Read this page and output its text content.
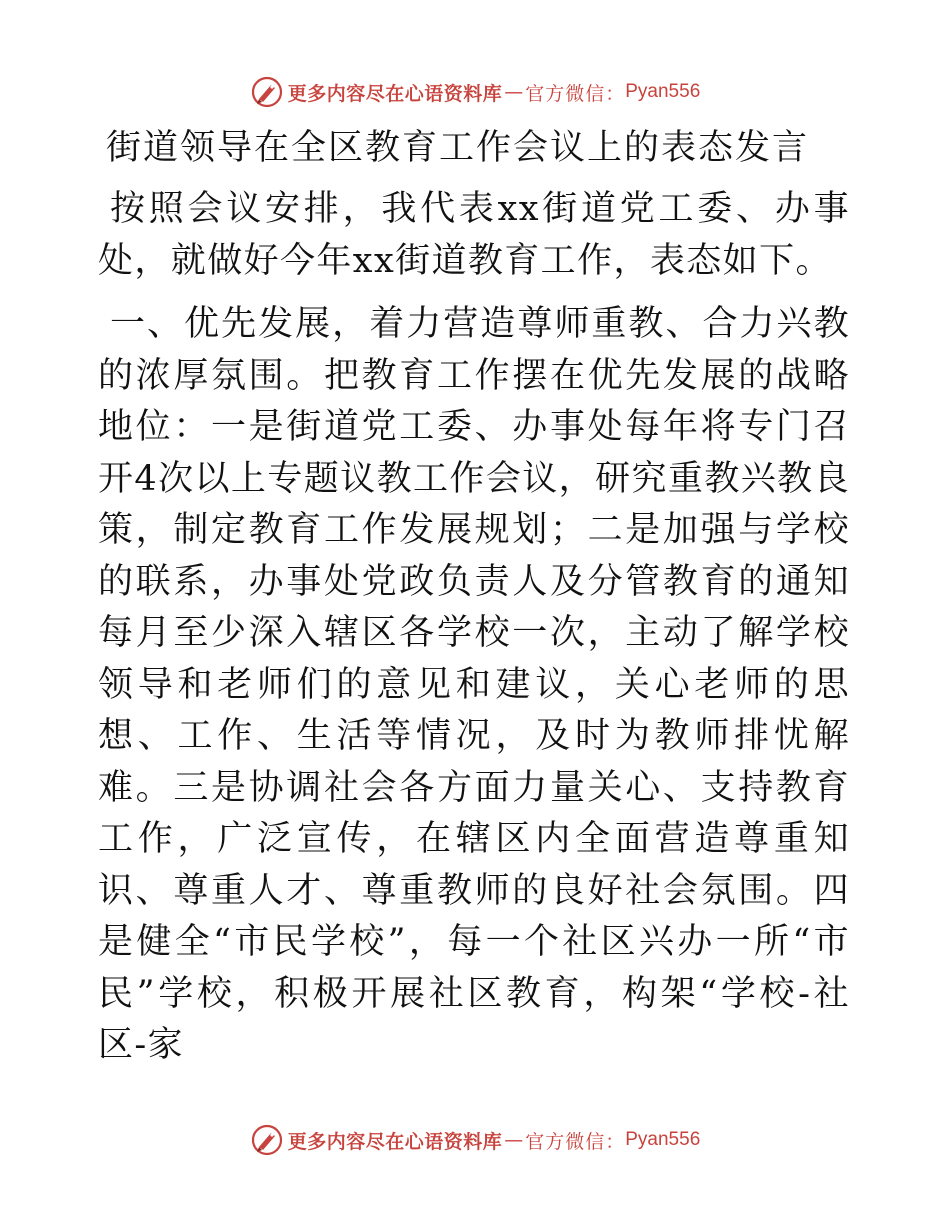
更多内容尽在心语资料库 — 官方微信： Pyan556
街道领导在全区教育工作会议上的表态发言

按照会议安排，我代表xx街道党工委、办事处，就做好今年xx街道教育工作，表态如下。

一、优先发展，着力营造尊师重教、合力兴教的浓厚氛围。把教育工作摆在优先发展的战略地位：一是街道党工委、办事处每年将专门召开4次以上专题议教工作会议，研究重教兴教良策，制定教育工作发展规划；二是加强与学校的联系，办事处党政负责人及分管教育的通知每月至少深入辖区各学校一次，主动了解学校领导和老师们的意见和建议，关心老师的思想、工作、生活等情况，及时为教师排忧解难。三是协调社会各方面力量关心、支持教育工作，广泛宣传，在辖区内全面营造尊重知识、尊重人才、尊重教师的良好社会氛围。四是健全“市民学校”，每一个社区兴办一所“市民”学校，积极开展社区教育，构架“学校-社区-家

更多内容尽在心语资料库 — 官方微信： Pyan556
